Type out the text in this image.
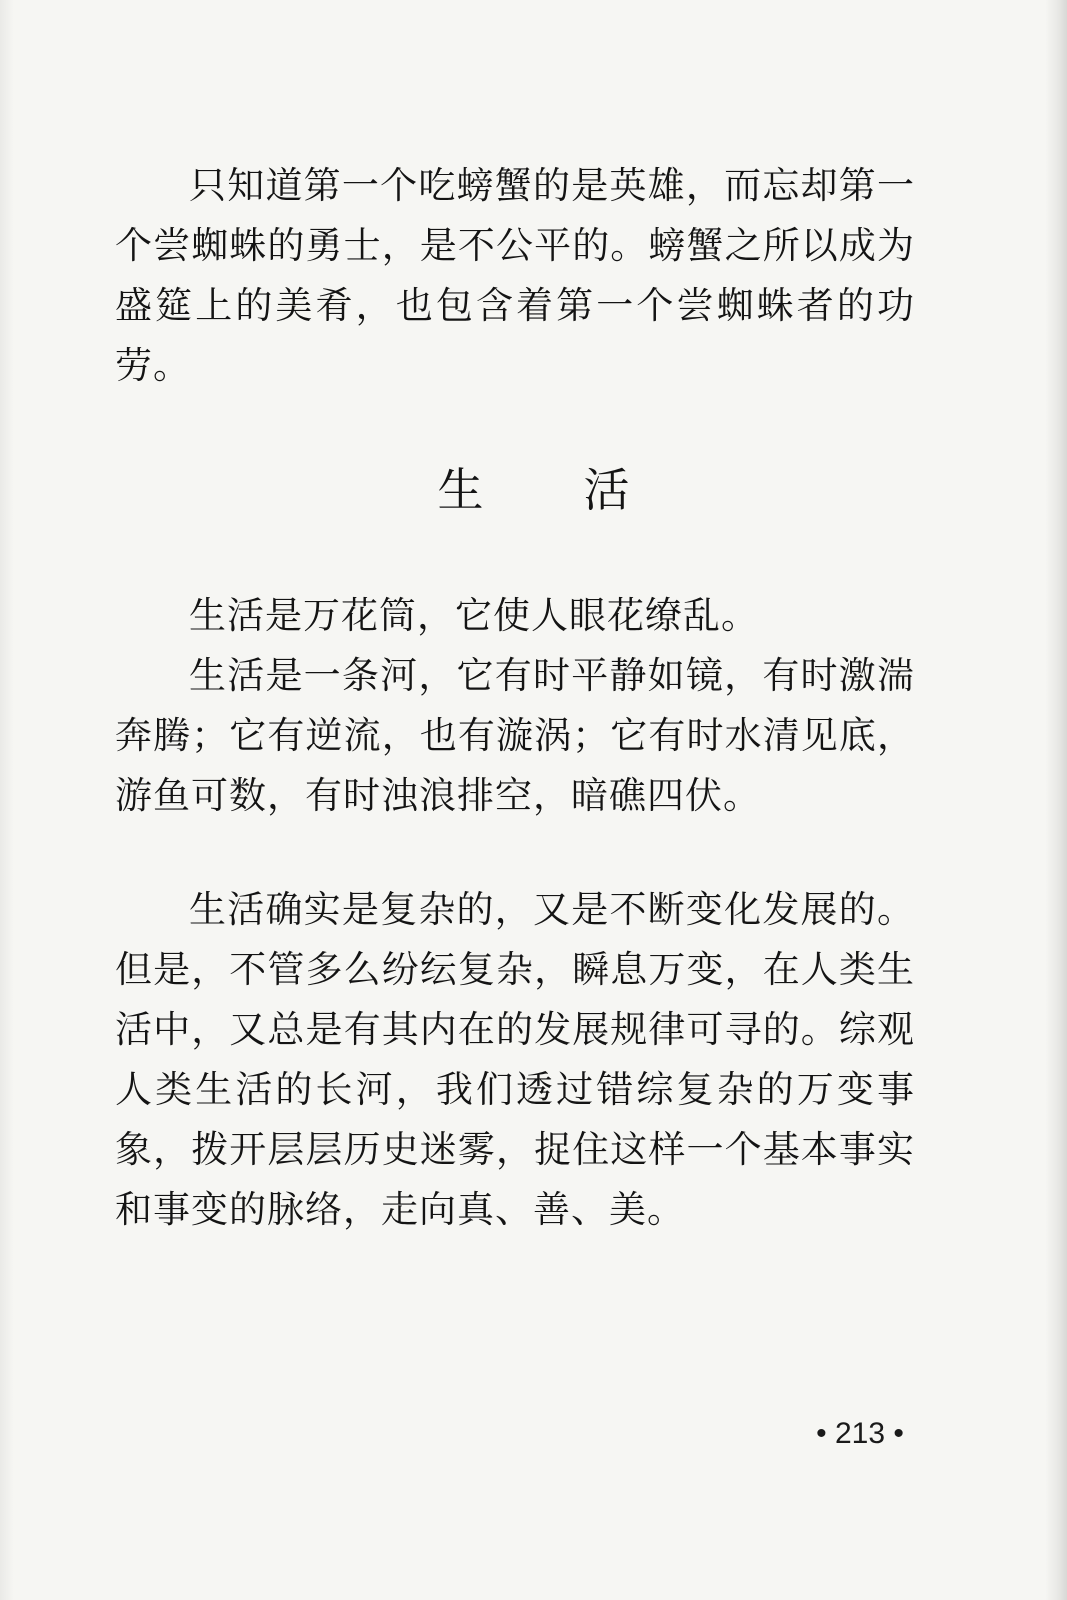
只知道第一个吃螃蟹的是英雄，而忘却第一个尝蜘蛛的勇士，是不公平的。螃蟹之所以成为盛筵上的美肴，也包含着第一个尝蜘蛛者的功劳。

生活

生活是万花筒，它使人眼花缭乱。

生活是一条河，它有时平静如镜，有时激湍奔腾；它有逆流，也有漩涡；它有时水清见底，游鱼可数，有时浊浪排空，暗礁四伏。

生活确实是复杂的，又是不断变化发展的。但是，不管多么纷纭复杂，瞬息万变，在人类生活中，又总是有其内在的发展规律可寻的。综观人类生活的长河，我们透过错综复杂的万变事象，拨开层层历史迷雾，捉住这样一个基本事实和事变的脉络，走向真、善、美。

• 213 •
